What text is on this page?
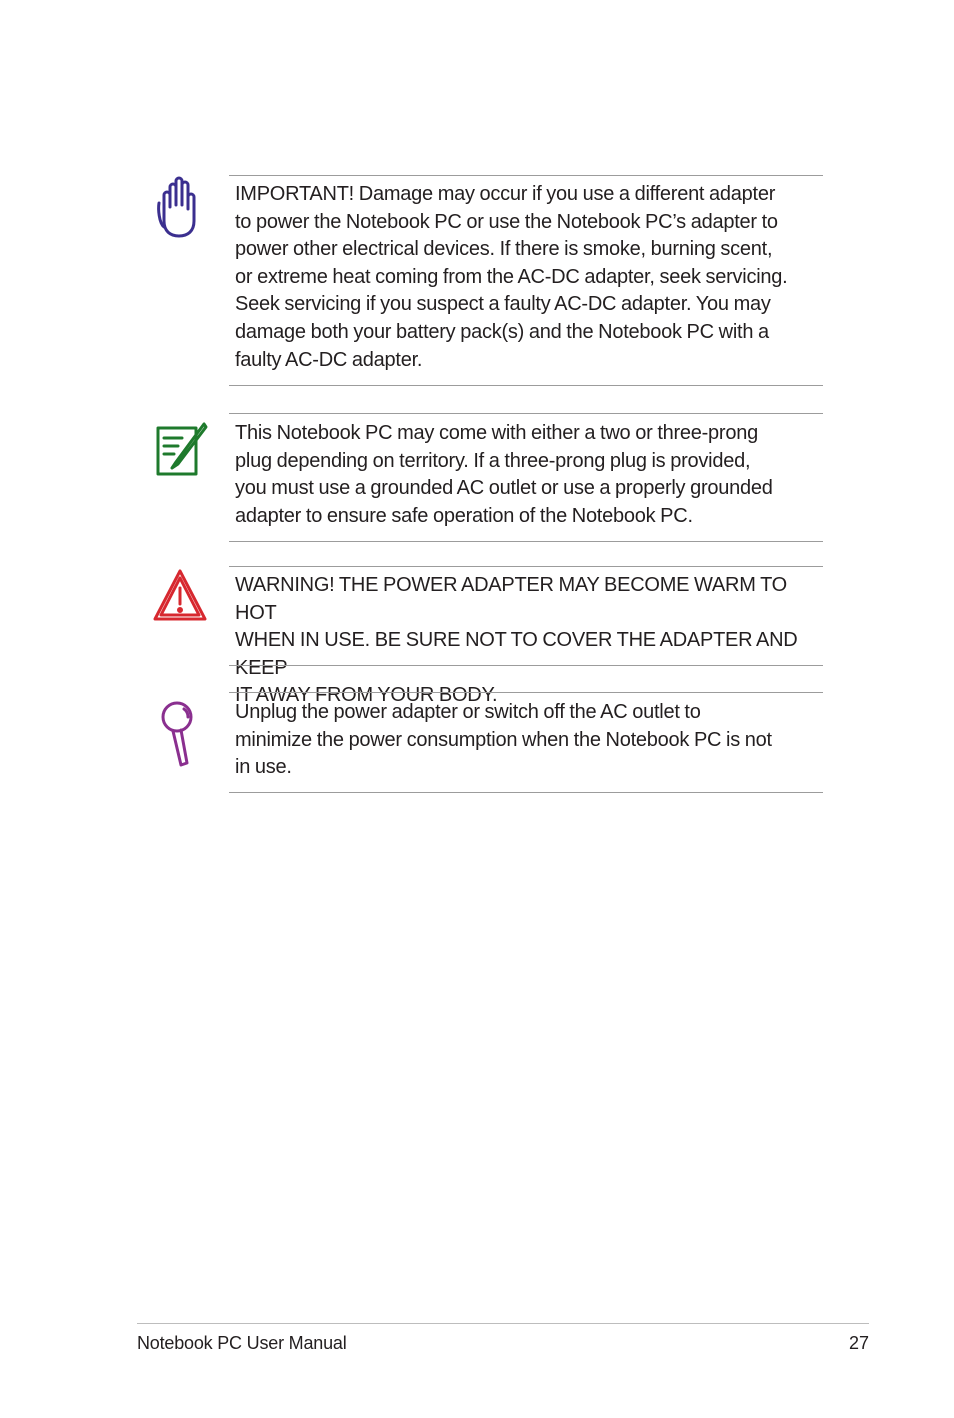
IMPORTANT! Damage may occur if you use a different adapter
to power the Notebook PC or use the Notebook PC’s adapter to
power other electrical devices. If there is smoke, burning scent,
or extreme heat coming from the AC-DC adapter, seek servicing.
Seek servicing if you suspect a faulty AC-DC adapter. You may
damage both your battery pack(s) and the Notebook PC with a
faulty AC-DC adapter.

This Notebook PC may come with either a two or three-prong
plug depending on territory. If a three-prong plug is provided,
you must use a grounded AC outlet or use a properly grounded
adapter to ensure safe operation of the Notebook PC.

WARNING! THE POWER ADAPTER MAY BECOME WARM TO HOT
WHEN IN USE. BE SURE NOT TO COVER THE ADAPTER AND KEEP
IT AWAY FROM YOUR BODY.

Unplug the power adapter or switch off the AC outlet to
minimize the power consumption when the Notebook PC is not
in use.

Notebook PC User Manual	27
